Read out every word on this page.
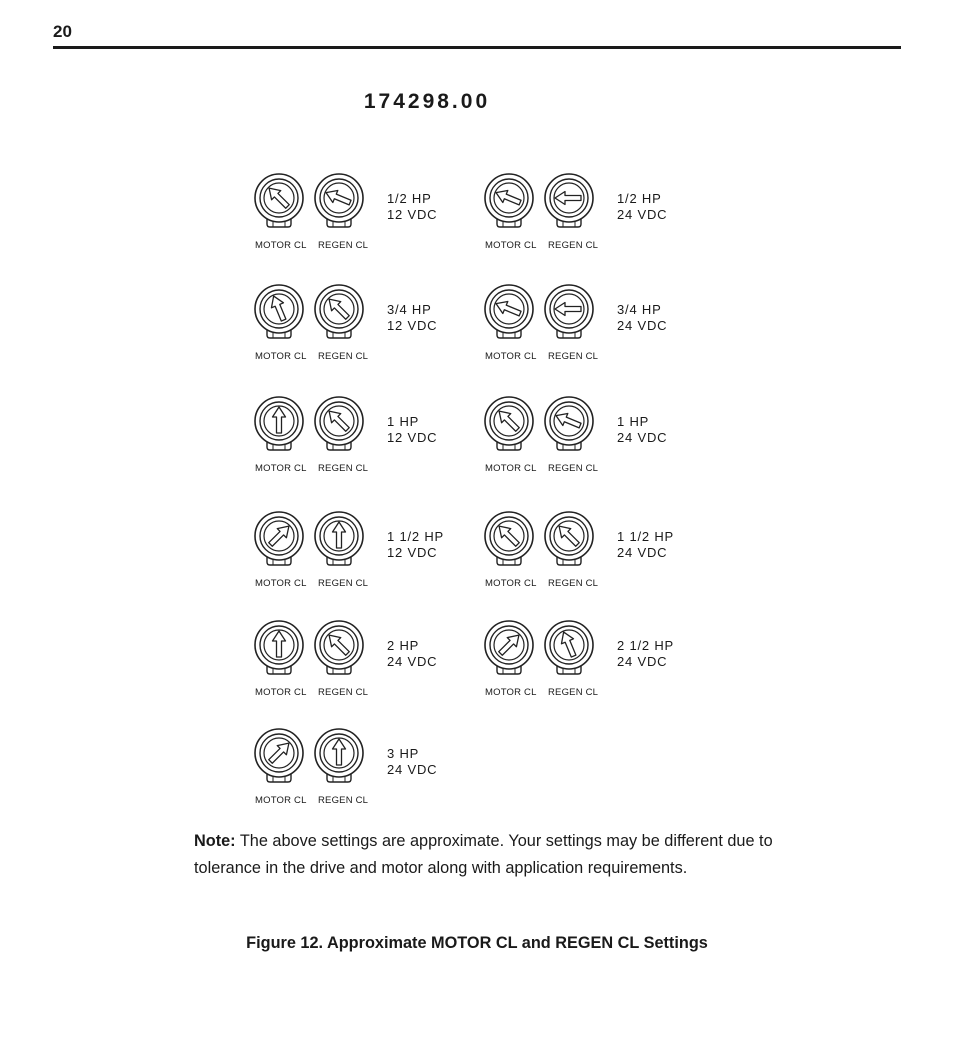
20
174298.00
MOTOR CL REGEN CL
1/2 HP
12 VDC
MOTOR CL REGEN CL
1/2 HP
24 VDC
MOTOR CL REGEN CL
3/4 HP
12 VDC
MOTOR CL REGEN CL
3/4 HP
24 VDC
MOTOR CL REGEN CL
1 HP
12 VDC
MOTOR CL REGEN CL
1 HP
24 VDC
MOTOR CL REGEN CL
1 1/2 HP
12 VDC
MOTOR CL REGEN CL
1 1/2 HP
24 VDC
MOTOR CL REGEN CL
2 HP
24 VDC
MOTOR CL REGEN CL
2 1/2 HP
24 VDC
MOTOR CL REGEN CL
3 HP
24 VDC
Note: The above settings are approximate. Your settings may be different due to tolerance in the drive and motor along with application requirements.
Figure 12. Approximate MOTOR CL and REGEN CL Settings
